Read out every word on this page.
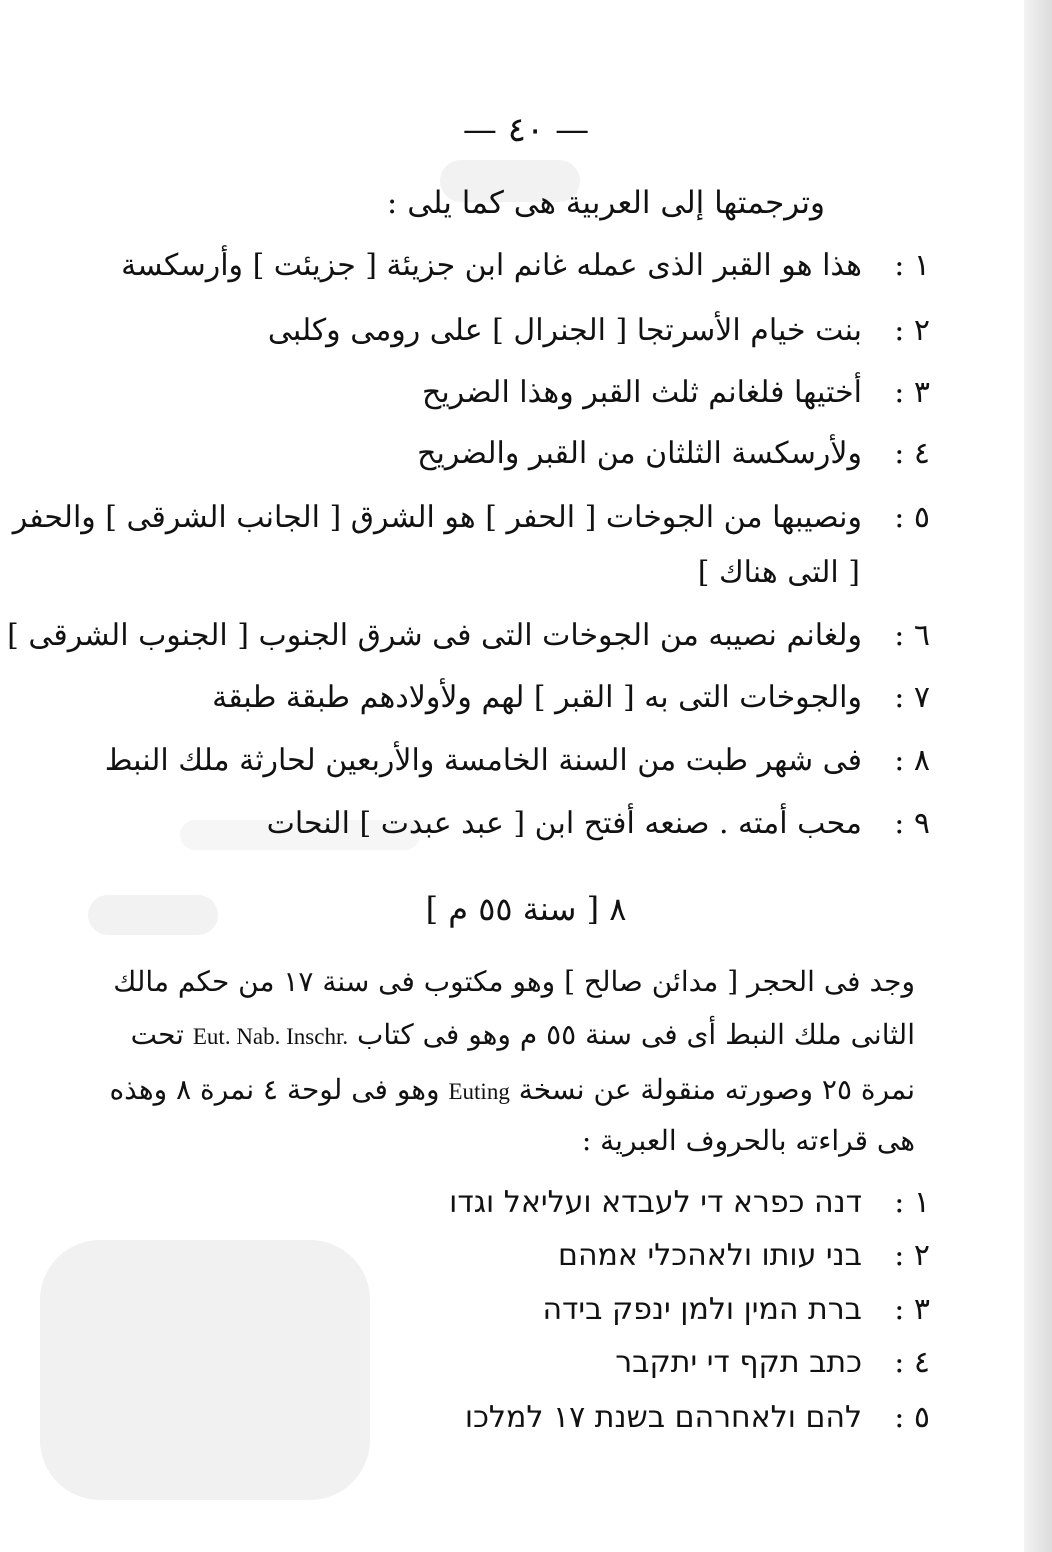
— ٤٠ —
وترجمتها إلى العربية هى كما يلى :
١ :هذا هو القبر الذى عمله غانم ابن جزيئة [ جزيئت ] وأرسكسة
٢ :بنت خيام الأسرتجا [ الجنرال ] على رومى وكلبى
٣ :أختيها فلغانم ثلث القبر وهذا الضريح
٤ :ولأرسكسة الثلثان من القبر والضريح
٥ :ونصيبها من الجوخات [ الحفر ] هو الشرق [ الجانب الشرقى ] والحفر
[ التى هناك ]
٦ :ولغانم نصيبه من الجوخات التى فى شرق الجنوب [ الجنوب الشرقى ]
٧ :والجوخات التى به [ القبر ] لهم ولأولادهم طبقة طبقة
٨ :فى شهر طبت من السنة الخامسة والأربعين لحارثة ملك النبط
٩ :محب أمته . صنعه أفتح ابن [ عبد عبدت ] النحات
٨ [ سنة ٥٥ م ]
وجد فى الحجر [ مدائن صالح ] وهو مكتوب فى سنة ١٧ من حكم مالك
الثانى ملك النبط أى فى سنة ٥٥ م وهو فى كتاب Eut. Nab. Inschr. تحت
نمرة ٢٥ وصورته منقولة عن نسخة Euting وهو فى لوحة ٤ نمرة ٨ وهذه
هى قراءته بالحروف العبرية :
١ :דנה כפרא די לעבדא ועליאל וגדו
٢ :בני עותו ולאהכלי אמהם
٣ :ברת המין ולמן ינפק בידה
٤ :כתב תקף די יתקבר
٥ :להם ולאחרהם בשנת ١٧ למלכו
